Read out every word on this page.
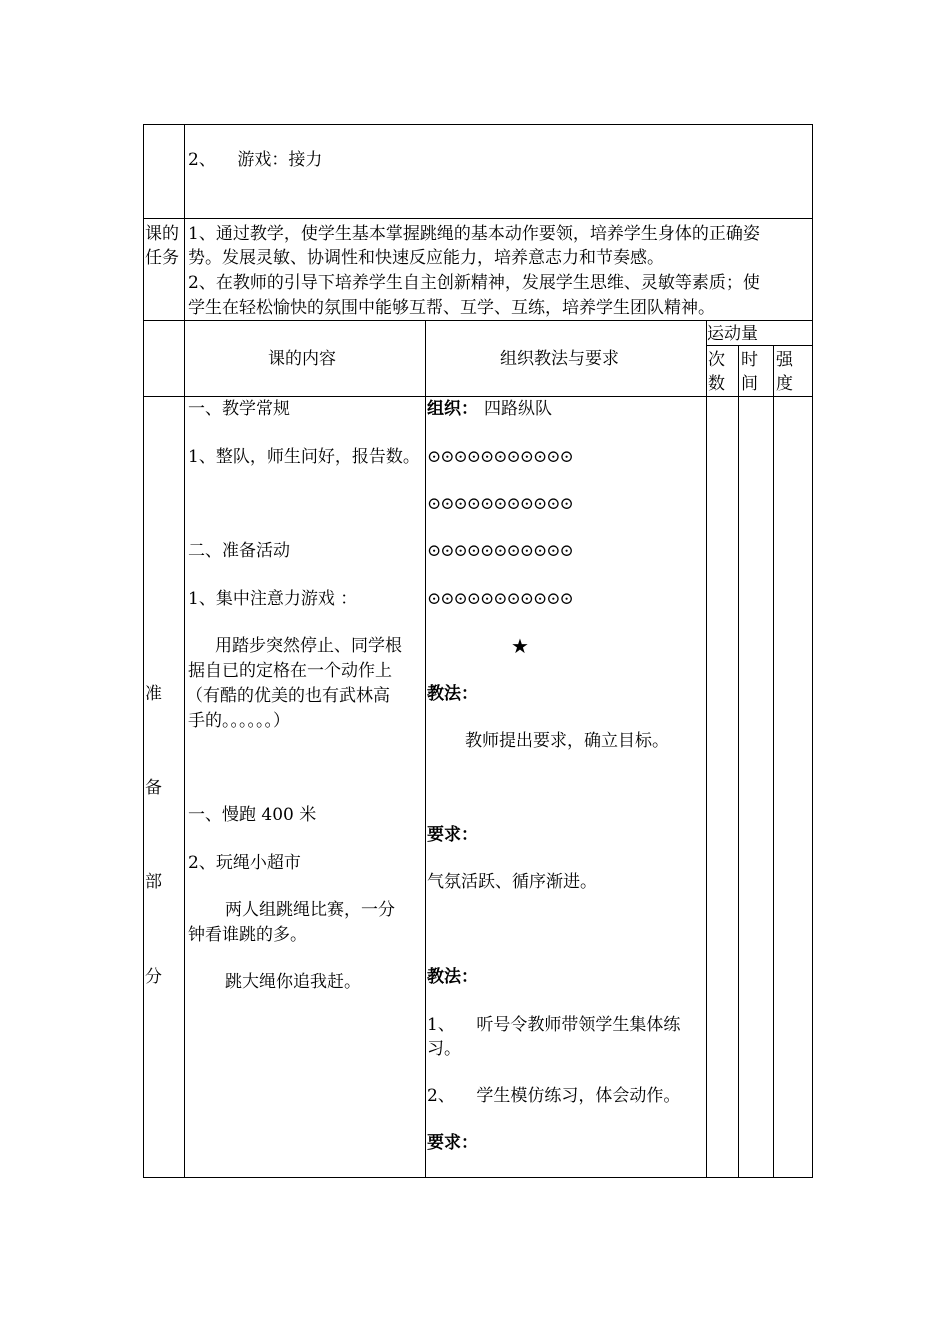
2、    游戏：接力
课的
任务
1、通过教学，使学生基本掌握跳绳的基本动作要领，培养学生身体的正确姿
势。发展灵敏、协调性和快速反应能力，培养意志力和节奏感。
2、在教师的引导下培养学生自主创新精神，发展学生思维、灵敏等素质；使
学生在轻松愉快的氛围中能够互帮、互学、互练，培养学生团队精神。
课的内容	组织教法与要求
运动量
次
数
时
间
强
度
准
备
部
分
一、教学常规
1、整队，师生问好，报告数。
二、准备活动
1、集中注意力游戏 ：
用踏步突然停止、同学根
据自已的定格在一个动作上
（有酷的优美的也有武林高
手的。。。。。。）
一、慢跑 400 米
2、玩绳小超市
两人组跳绳比赛，一分
钟看谁跳的多。
跳大绳你追我赶。
组织： 四路纵队
⊙⊙⊙⊙⊙⊙⊙⊙⊙⊙⊙
⊙⊙⊙⊙⊙⊙⊙⊙⊙⊙⊙
⊙⊙⊙⊙⊙⊙⊙⊙⊙⊙⊙
⊙⊙⊙⊙⊙⊙⊙⊙⊙⊙⊙
★
教法：
教师提出要求，确立目标。
要求：
气氛活跃、循序渐进。
教法：
1、    听号令教师带领学生集体练
习。
2、    学生模仿练习，体会动作。
要求：
